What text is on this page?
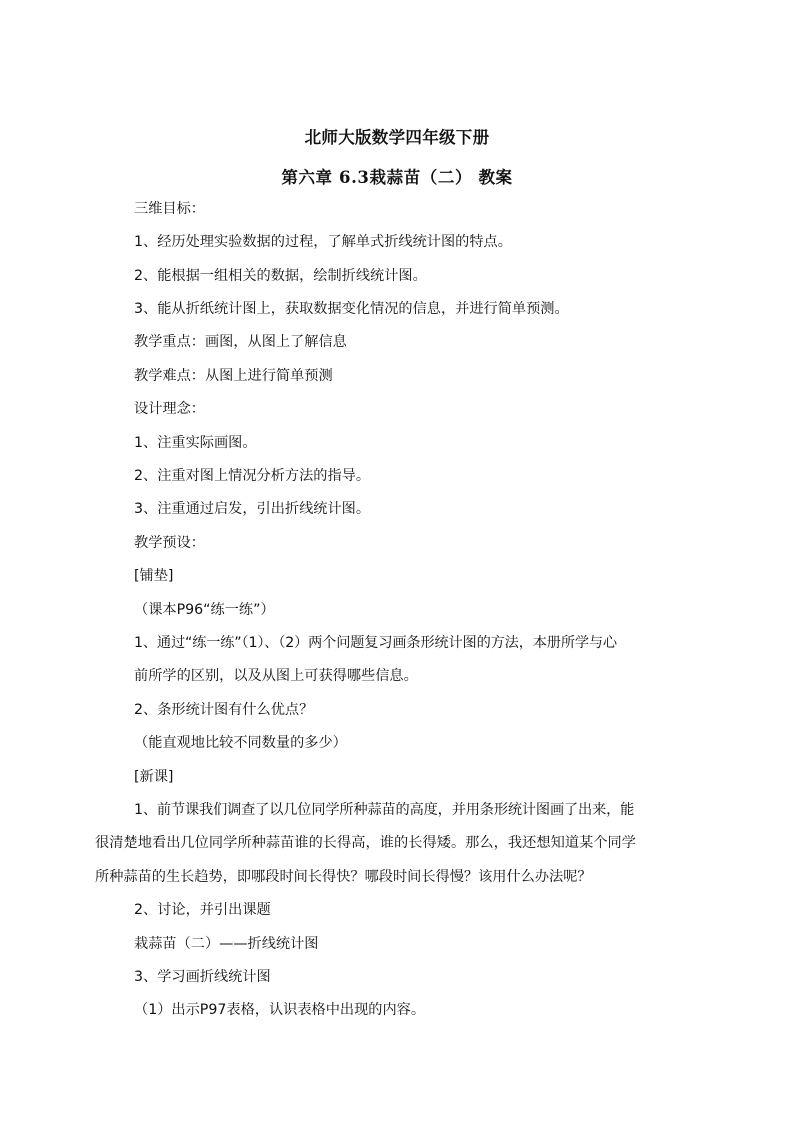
北师大版数学四年级下册
第六章 6.3栽蒜苗（二） 教案
三维目标：
1、经历处理实验数据的过程，了解单式折线统计图的特点。
2、能根据一组相关的数据，绘制折线统计图。
3、能从折纸统计图上，获取数据变化情况的信息，并进行简单预测。
教学重点：画图，从图上了解信息
教学难点：从图上进行简单预测
设计理念：
1、注重实际画图。
2、注重对图上情况分析方法的指导。
3、注重通过启发，引出折线统计图。
教学预设：
[铺垫]
（课本P96“练一练”）
1、通过“练一练”（1）、（2）两个问题复习画条形统计图的方法，本册所学与心
前所学的区别，以及从图上可获得哪些信息。
2、条形统计图有什么优点？
（能直观地比较不同数量的多少）
[新课]
1、前节课我们调查了以几位同学所种蒜苗的高度，并用条形统计图画了出来，能
很清楚地看出几位同学所种蒜苗谁的长得高，谁的长得矮。那么，我还想知道某个同学
所种蒜苗的生长趋势，即哪段时间长得快？哪段时间长得慢？该用什么办法呢？
2、讨论，并引出课题
栽蒜苗（二）——折线统计图
3、学习画折线统计图
（1）出示P97表格，认识表格中出现的内容。
